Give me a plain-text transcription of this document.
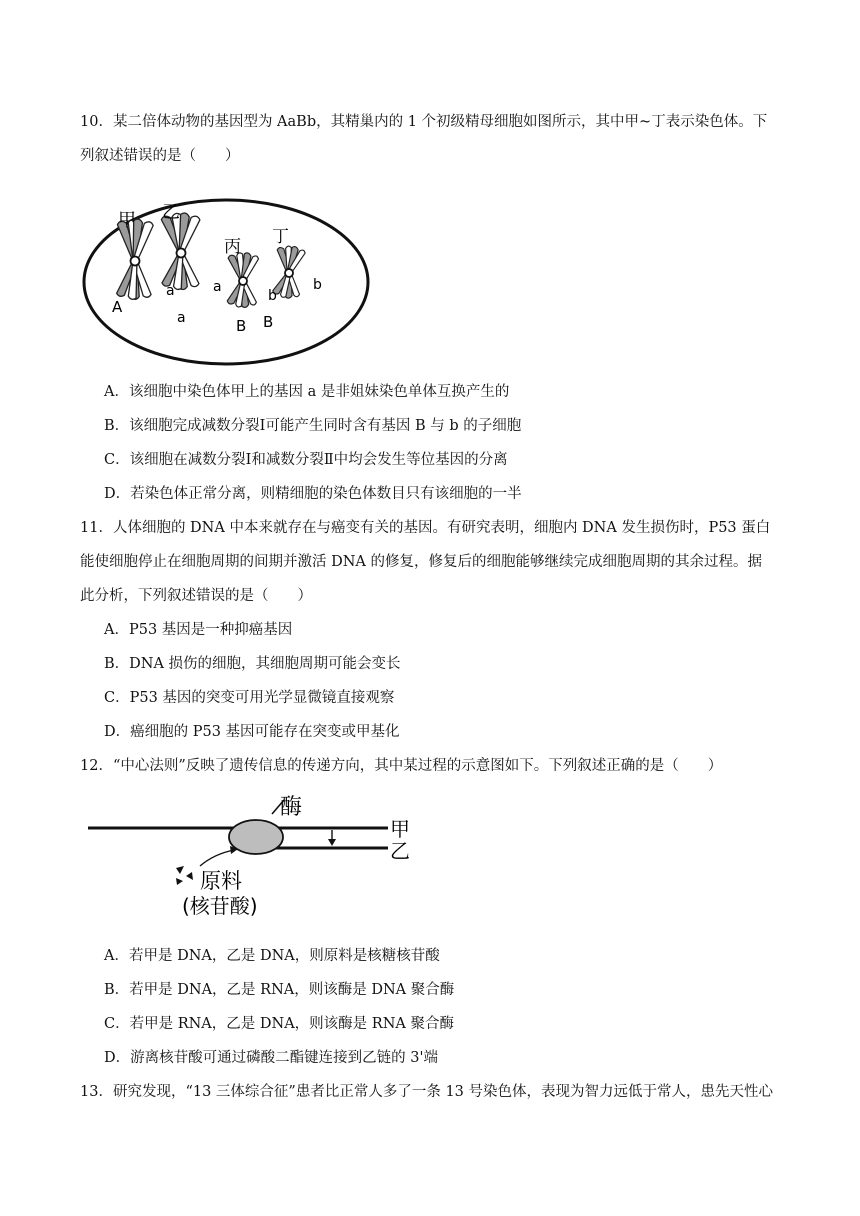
10．某二倍体动物的基因型为 AaBb，其精巢内的 1 个初级精母细胞如图所示，其中甲~丁表示染色体。下
列叙述错误的是（　　）
甲 乙
丙 丁
A
a
a
a
B
b
B
b
A．该细胞中染色体甲上的基因 a 是非姐妹染色单体互换产生的
B．该细胞完成减数分裂Ⅰ可能产生同时含有基因 B 与 b 的子细胞
C．该细胞在减数分裂Ⅰ和减数分裂Ⅱ中均会发生等位基因的分离
D．若染色体正常分离，则精细胞的染色体数目只有该细胞的一半
11．人体细胞的 DNA 中本来就存在与癌变有关的基因。有研究表明，细胞内 DNA 发生损伤时，P53 蛋白
能使细胞停止在细胞周期的间期并激活 DNA 的修复，修复后的细胞能够继续完成细胞周期的其余过程。据
此分析，下列叙述错误的是（　　）
A．P53 基因是一种抑癌基因
B．DNA 损伤的细胞，其细胞周期可能会变长
C．P53 基因的突变可用光学显微镜直接观察
D．癌细胞的 P53 基因可能存在突变或甲基化
12．“中心法则”反映了遗传信息的传递方向，其中某过程的示意图如下。下列叙述正确的是（　　）
酶
甲
乙
原料
(核苷酸)
A．若甲是 DNA，乙是 DNA，则原料是核糖核苷酸
B．若甲是 DNA，乙是 RNA，则该酶是 DNA 聚合酶
C．若甲是 RNA，乙是 DNA，则该酶是 RNA 聚合酶
D．游离核苷酸可通过磷酸二酯键连接到乙链的 3'端
13．研究发现，“13 三体综合征”患者比正常人多了一条 13 号染色体，表现为智力远低于常人，患先天性心
